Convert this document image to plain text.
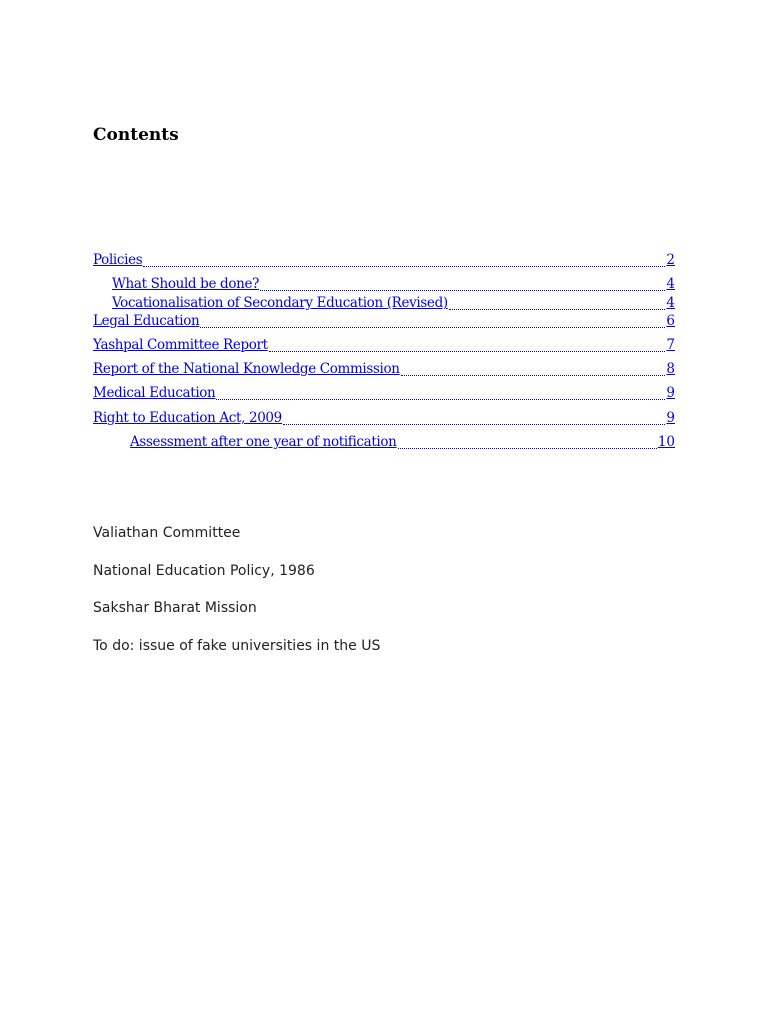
Contents
Policies	2
What Should be done?	4
Vocationalisation of Secondary Education (Revised)	4
Legal Education	6
Yashpal Committee Report	7
Report of the National Knowledge Commission	8
Medical Education	9
Right to Education Act, 2009	9
Assessment after one year of notification	10

Valiathan Committee

National Education Policy, 1986

Sakshar Bharat Mission

To do: issue of fake universities in the US
